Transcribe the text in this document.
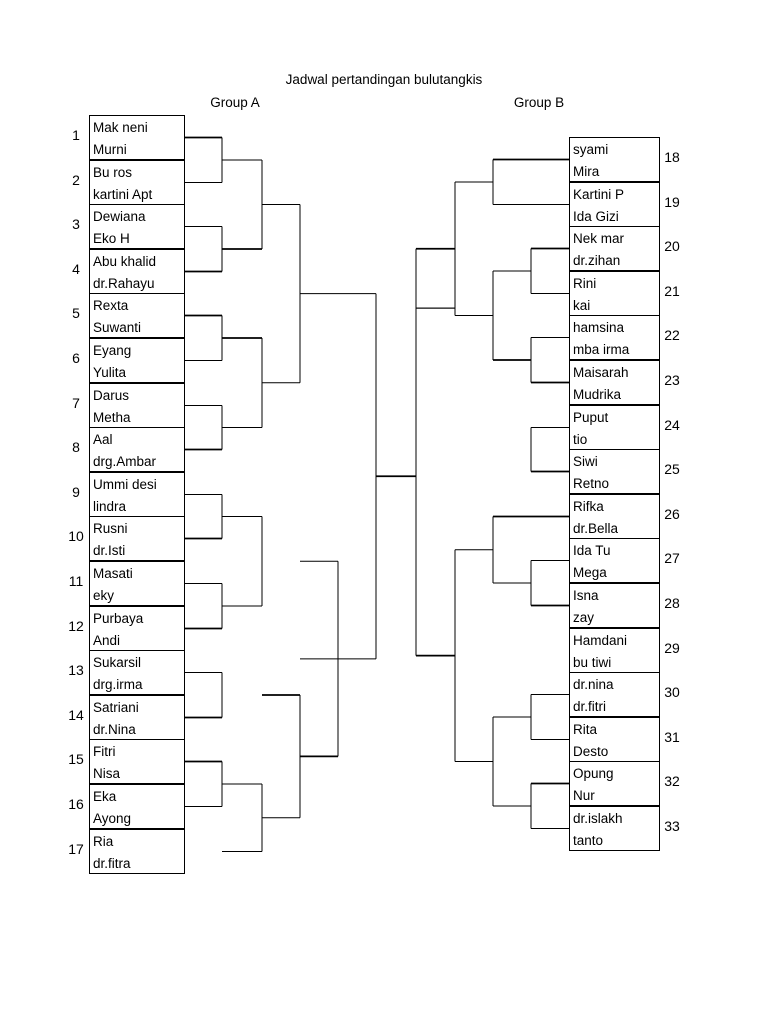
Jadwal pertandingan bulutangkis
Group A	Group B
Mak neni
Murni
1
Bu ros
kartini Apt
2
Dewiana
Eko H
3
Abu khalid
dr.Rahayu
4
Rexta
Suwanti
5
Eyang
Yulita
6
Darus
Metha
7
Aal
drg.Ambar
8
Ummi desi
lindra
9
Rusni
dr.Isti
10
Masati
eky
11
Purbaya
Andi
12
Sukarsil
drg.irma
13
Satriani
dr.Nina
14
Fitri
Nisa
15
Eka
Ayong
16
Ria
dr.fitra
17
syami
Mira
18
Kartini P
Ida Gizi
19
Nek mar
dr.zihan
20
Rini
kai
21
hamsina
mba irma
22
Maisarah
Mudrika
23
Puput
tio
24
Siwi
Retno
25
Rifka
dr.Bella
26
Ida Tu
Mega
27
Isna
zay
28
Hamdani
bu tiwi
29
dr.nina
dr.fitri
30
Rita
Desto
31
Opung
Nur
32
dr.islakh
tanto
33
